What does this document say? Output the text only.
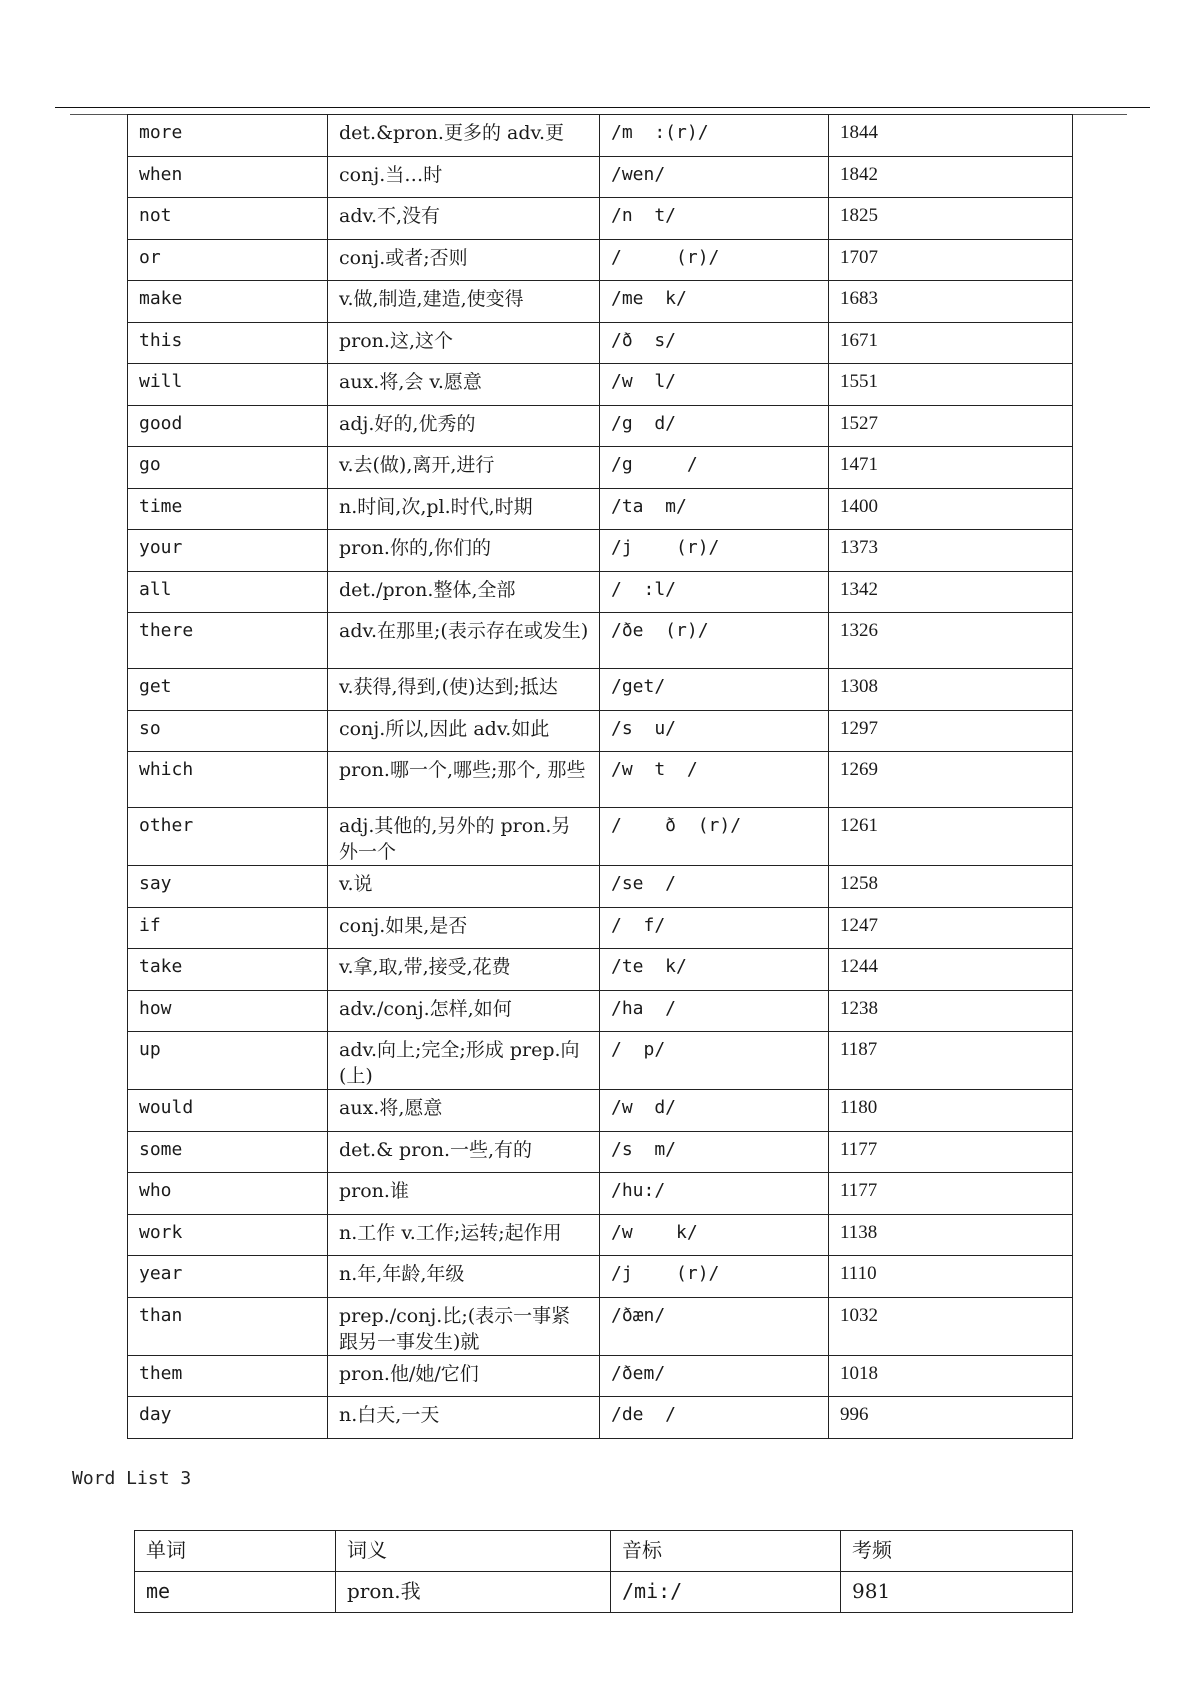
more	det.&pron.更多的 adv.更	/m  :(r)/	1844
when	conj.当…时	/wen/	1842
not	adv.不,没有	/n  t/	1825
or	conj.或者;否则	/     (r)/	1707
make	v.做,制造,建造,使变得	/me  k/	1683
this	pron.这,这个	/ð  s/	1671
will	aux.将,会 v.愿意	/w  l/	1551
good	adj.好的,优秀的	/g  d/	1527
go	v.去(做),离开,进行	/g     /	1471
time	n.时间,次,pl.时代,时期	/ta  m/	1400
your	pron.你的,你们的	/j    (r)/	1373
all	det./pron.整体,全部	/  :l/	1342
there	adv.在那里;(表示存在或发生)	/ðe  (r)/	1326
get	v.获得,得到,(使)达到;抵达	/get/	1308
so	conj.所以,因此 adv.如此	/s  u/	1297
which	pron.哪一个,哪些;那个, 那些	/w  t  /	1269
other	adj.其他的,另外的 pron.另外一个	/    ð  (r)/	1261
say	v.说	/se  /	1258
if	conj.如果,是否	/  f/	1247
take	v.拿,取,带,接受,花费	/te  k/	1244
how	adv./conj.怎样,如何	/ha  /	1238
up	adv.向上;完全;形成 prep.向(上)	/  p/	1187
would	aux.将,愿意	/w  d/	1180
some	det.& pron.一些,有的	/s  m/	1177
who	pron.谁	/hu:/	1177
work	n.工作 v.工作;运转;起作用	/w    k/	1138
year	n.年,年龄,年级	/j    (r)/	1110
than	prep./conj.比;(表示一事紧跟另一事发生)就	/ðæn/	1032
them	pron.他/她/它们	/ðem/	1018
day	n.白天,一天	/de  /	996

Word List 3

单词	词义	音标	考频
me	pron.我	/mi:/	981
